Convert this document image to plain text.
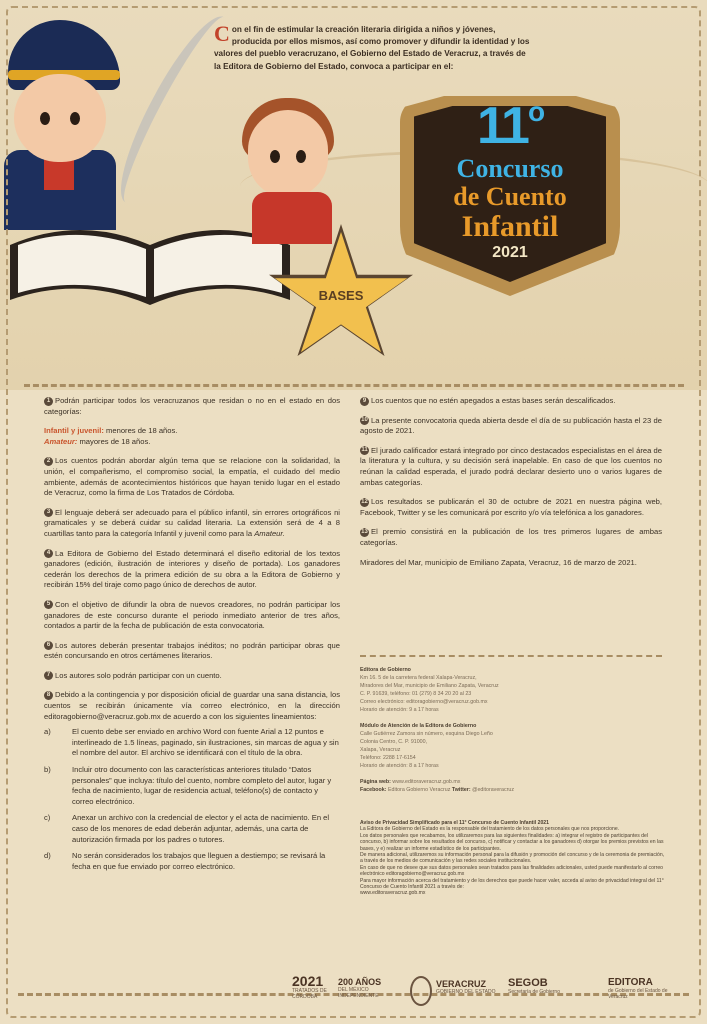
Con el fin de estimular la creación literaria dirigida a niños y jóvenes, producida por ellos mismos, así como promover y difundir la identidad y los valores del pueblo veracruzano, el Gobierno del Estado de Veracruz, a través de la Editora de Gobierno del Estado, convoca a participar en el:

11$^o$
Concurso
de Cuento
Infantil
2021
BASES

1 Podrán participar todos los veracruzanos que residan o no en el estado en dos categorías:

Infantil y juvenil: menores de 18 años.
Amateur: mayores de 18 años.

2 Los cuentos podrán abordar algún tema que se relacione con la solidaridad, la unión, el compañerismo, el compromiso social, la empatía, el cuidado del medio ambiente, además de acontecimientos históricos que hayan tenido lugar en el estado de Veracruz, como la firma de Los Tratados de Córdoba.

3 El lenguaje deberá ser adecuado para el público infantil, sin errores ortográficos ni gramaticales y se deberá cuidar su calidad literaria. La extensión será de 4 a 8 cuartillas tanto para la categoría Infantil y juvenil como para la Amateur.

4 La Editora de Gobierno del Estado determinará el diseño editorial de los textos ganadores (edición, ilustración de interiores y diseño de portada). Los ganadores cederán los derechos de la primera edición de su obra a la Editora de Gobierno y recibirán 15% del tiraje como pago único de derechos de autor.

5 Con el objetivo de difundir la obra de nuevos creadores, no podrán participar los ganadores de este concurso durante el periodo inmediato anterior de tres años, contados a partir de la fecha de publicación de esta convocatoria.

6 Los autores deberán presentar trabajos inéditos; no podrán participar obras que estén concursando en otros certámenes literarios.

7 Los autores solo podrán participar con un cuento.

8 Debido a la contingencia y por disposición oficial de guardar una sana distancia, los cuentos se recibirán únicamente vía correo electrónico, en la dirección editoragobierno@veracruz.gob.mx de acuerdo a con los siguientes lineamientos:

a)	El cuento debe ser enviado en archivo Word con fuente Arial a 12 puntos e interlineado de 1.5 líneas, paginado, sin ilustraciones, sin marcas de agua y sin el nombre del autor. El archivo se identificará con el título de la obra.
b)	Incluir otro documento con las características anteriores titulado “Datos personales” que incluya: título del cuento, nombre completo del autor, lugar y fecha de nacimiento, lugar de residencia actual, teléfono(s) de contacto y correo electrónico.
c)	Anexar un archivo con la credencial de elector y el acta de nacimiento. En el caso de los menores de edad deberán adjuntar, además, una carta de autorización firmada por los padres o tutores.
d)	No serán considerados los trabajos que lleguen a destiempo; se revisará la fecha en que fue enviado por correo electrónico.

9 Los cuentos que no estén apegados a estas bases serán descalificados.

10 La presente convocatoria queda abierta desde el día de su publicación hasta el 23 de agosto de 2021.

11 El jurado calificador estará integrado por cinco destacados especialistas en el área de la literatura y la cultura, y su decisión será inapelable. En caso de que los cuentos no reúnan la calidad esperada, el jurado podrá declarar desierto uno o varios lugares de ambas categorías.

12 Los resultados se publicarán el 30 de octubre de 2021 en nuestra página web, Facebook, Twitter y se les comunicará por escrito y/o vía telefónica a los ganadores.

13 El premio consistirá en la publicación de los tres primeros lugares de ambas categorías.

Miradores del Mar, municipio de Emiliano Zapata, Veracruz, 16 de marzo de 2021.

Editora de Gobierno
Km 16. 5 de la carretera federal Xalapa-Veracruz,
Miradores del Mar, municipio de Emiliano Zapata, Veracruz
C. P. 91639, teléfono: 01 (279) 8 34 20 20 al 23
Correo electrónico: editoragobierno@veracruz.gob.mx
Horario de atención: 9 a 17 horas

Módulo de Atención de la Editora de Gobierno
Calle Gutiérrez Zamora sin número, esquina Diego Leño
Colonia Centro, C. P. 91000,
Xalapa, Veracruz
Teléfono: 2288 17-6154
Horario de atención: 8 a 17 horas

Página web: www.editoraveracruz.gob.mx
Facebook: Editora Gobierno Veracruz Twitter: @editoraveracruz

Aviso de Privacidad Simplificado para el 11° Concurso de Cuento Infantil 2021
La Editora de Gobierno del Estado es la responsable del tratamiento de los datos personales que nos proporcione.
Los datos personales que recabamos, los utilizaremos para las siguientes finalidades: a) integrar el registro de participantes del concurso, b) informar sobre los resultados del concurso, c) notificar y contactar a los ganadores d) otorgar los premios previstos en las bases, y e) realizar un informe estadístico de los participantes.
De manera adicional, utilizaremos su información personal para la difusión y promoción del concurso y de la ceremonia de premiación, a través de los medios de comunicación y las redes sociales institucionales.
En caso de que no desee que sus datos personales sean tratados para las finalidades adicionales, usted puede manifestarlo al correo electrónico editoragobierno@veracruz.gob.mx
Para mayor información acerca del tratamiento y de los derechos que puede hacer valer, acceda al aviso de privacidad integral del 11° Concurso de Cuento Infantil 2021 a través de:
www.editoraveracruz.gob.mx
2021
TRATADOS DE CÓRDOBA
200 AÑOS
DEL MÉXICO INDEPENDIENTE
VERACRUZ
GOBIERNO DEL ESTADO
SEGOB
Secretaría de Gobierno
EDITORA
de Gobierno del Estado de Veracruz
